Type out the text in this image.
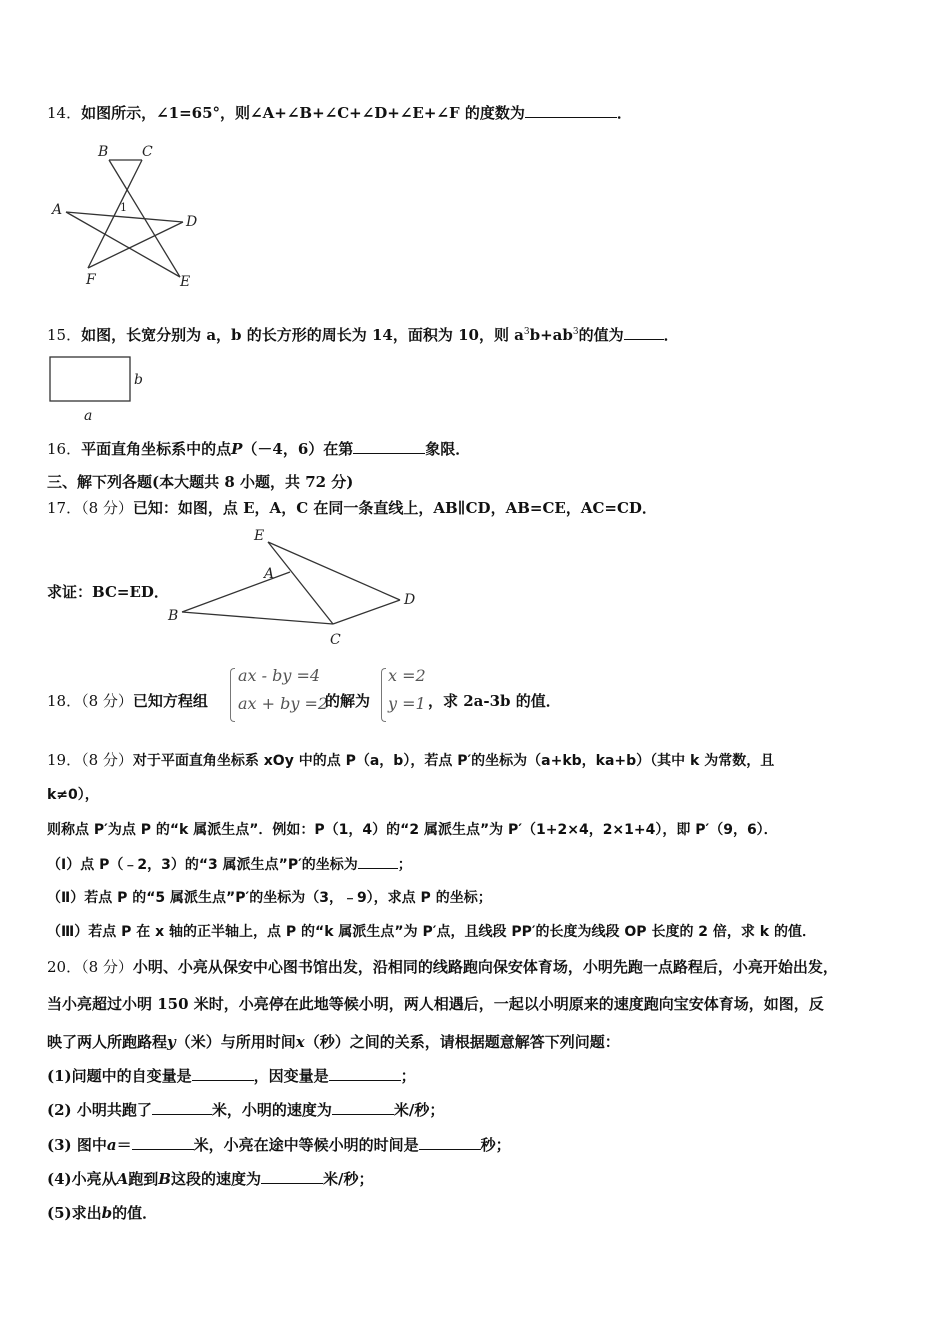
14．如图所示，∠1=65°，则∠A+∠B+∠C+∠D+∠E+∠F 的度数为	．
B C
A
D
F	E
1
15．如图，长宽分别为 a，b 的长方形的周长为 14，面积为 10，则 $a^3b+ab^3$的值为	．
b
a
16．平面直角坐标系中的点P（－4，6）在第	象限．
三、解下列各题(本大题共 8 小题，共 72 分)
17．（8 分）已知：如图，点 E，A，C 在同一条直线上，AB∥CD，AB=CE，AC=CD．
E
A
B
C
D
求证：BC=ED．
18．（8 分）已知方程组
ax - by =4
ax + by =2
的解为
x =2
y =1 ，求 2a-3b 的值．
19．（8 分）对于平面直角坐标系 xOy 中的点 P（a，b），若点 P′的坐标为（a+kb，ka+b）（其中 k 为常数，且
k≠0），
则称点 P′为点 P 的“k 属派生点”．例如：P（1，4）的“2 属派生点”为 P′（1+2×4，2×1+4），即 P′（9，6）．
（Ⅰ）点 P（﹣2，3）的“3 属派生点”P′的坐标为	；
（Ⅱ）若点 P 的“5 属派生点”P′的坐标为（3，﹣9），求点 P 的坐标；
（Ⅲ）若点 P 在 x 轴的正半轴上，点 P 的“k 属派生点”为 P′点，且线段 PP′的长度为线段 OP 长度的 2 倍，求 k 的值．
20．（8 分）小明、小亮从保安中心图书馆出发，沿相同的线路跑向保安体育场，小明先跑一点路程后，小亮开始出发，
当小亮超过小明 150 米时，小亮停在此地等候小明，两人相遇后，一起以小明原来的速度跑向宝安体育场，如图，反
映了两人所跑路程y（米）与所用时间x（秒）之间的关系，请根据题意解答下列问题：
(1)问题中的自变量是	，因变量是	；
(2) 小明共跑了	米，小明的速度为	米/秒；
(3) 图中a＝	米，小亮在途中等候小明的时间是	秒；
(4)小亮从A跑到B这段的速度为	米/秒；
(5)求出b的值．
